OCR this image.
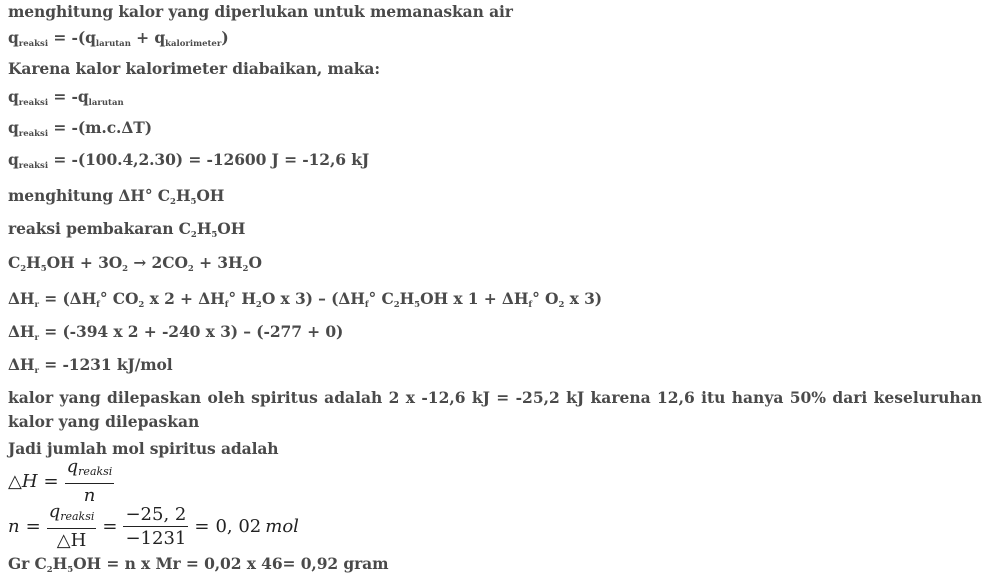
menghitung kalor yang diperlukan untuk memanaskan air
$q_{reaksi} = -(q_{larutan} + q_{kalorimeter})$
Karena kalor kalorimeter diabaikan, maka:
$q_{reaksi} = -q_{larutan}$
$q_{reaksi} = -(m.c.\Delta T)$
$q_{reaksi} = -(100.4,2.30) = -12600$ J = -12,6 kJ
menghitung ΔH° $C_2H_5OH$
reaksi pembakaran $C_2H_5OH$
$C_2H_5OH + 3O_2 \to 2CO_2 + 3H_2O$
$\Delta H_r = (\Delta H_f^\circ$ $CO_2$ x $2 + \Delta H_f^\circ$ $H_2O$ x $3) - (\Delta H_f^\circ$ $C_2H_5OH$ x $1 + \Delta H_f^\circ$ $O_2$ x 3)
$\Delta H_r = (-394$ x 2 + -240 x 3) – (-277 + 0)
$\Delta H_r = -1231$ kJ/mol
kalor yang dilepaskan oleh spiritus adalah 2 x -12,6 kJ = -25,2 kJ karena 12,6 itu hanya 50% dari keseluruhan kalor yang dilepaskan
Jadi jumlah mol spiritus adalah
△H = $\frac{q_{reaksi}}{n}$
$n = \frac{q_{reaksi}}{\triangle H} = \frac{-25, 2}{-1231} = 0$, 02 mol
Gr $C_2H_5OH = n$ x Mr = 0,02 x 46= 0,92 gram
